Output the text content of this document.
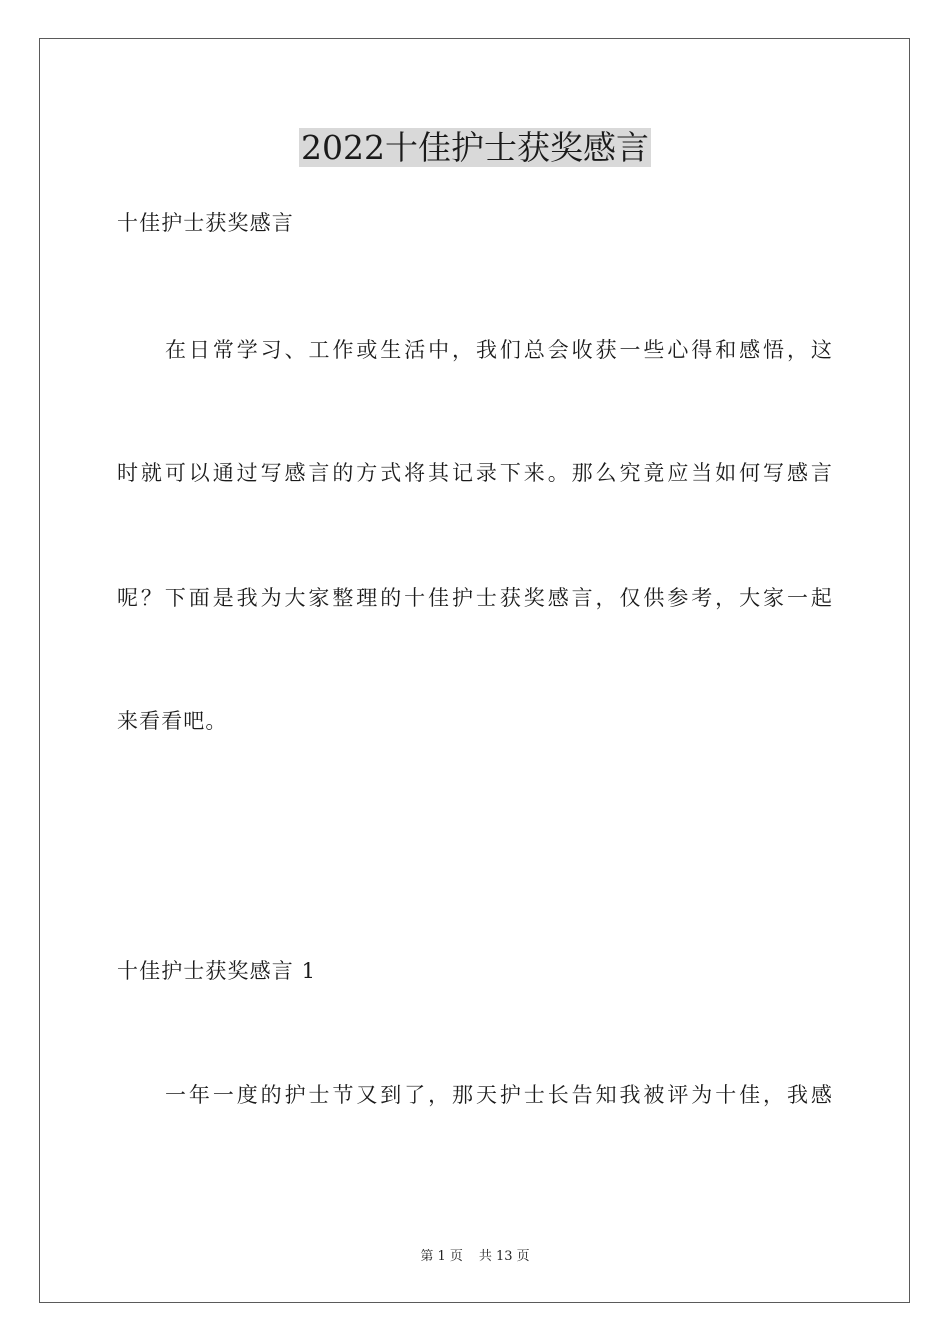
2022十佳护士获奖感言

十佳护士获奖感言

在日常学习、工作或生活中，我们总会收获一些心得和感悟，这

时就可以通过写感言的方式将其记录下来。那么究竟应当如何写感言

呢？下面是我为大家整理的十佳护士获奖感言，仅供参考，大家一起

来看看吧。

十佳护士获奖感言 1

一年一度的护士节又到了，那天护士长告知我被评为十佳，我感

第 1 页 共 13 页
